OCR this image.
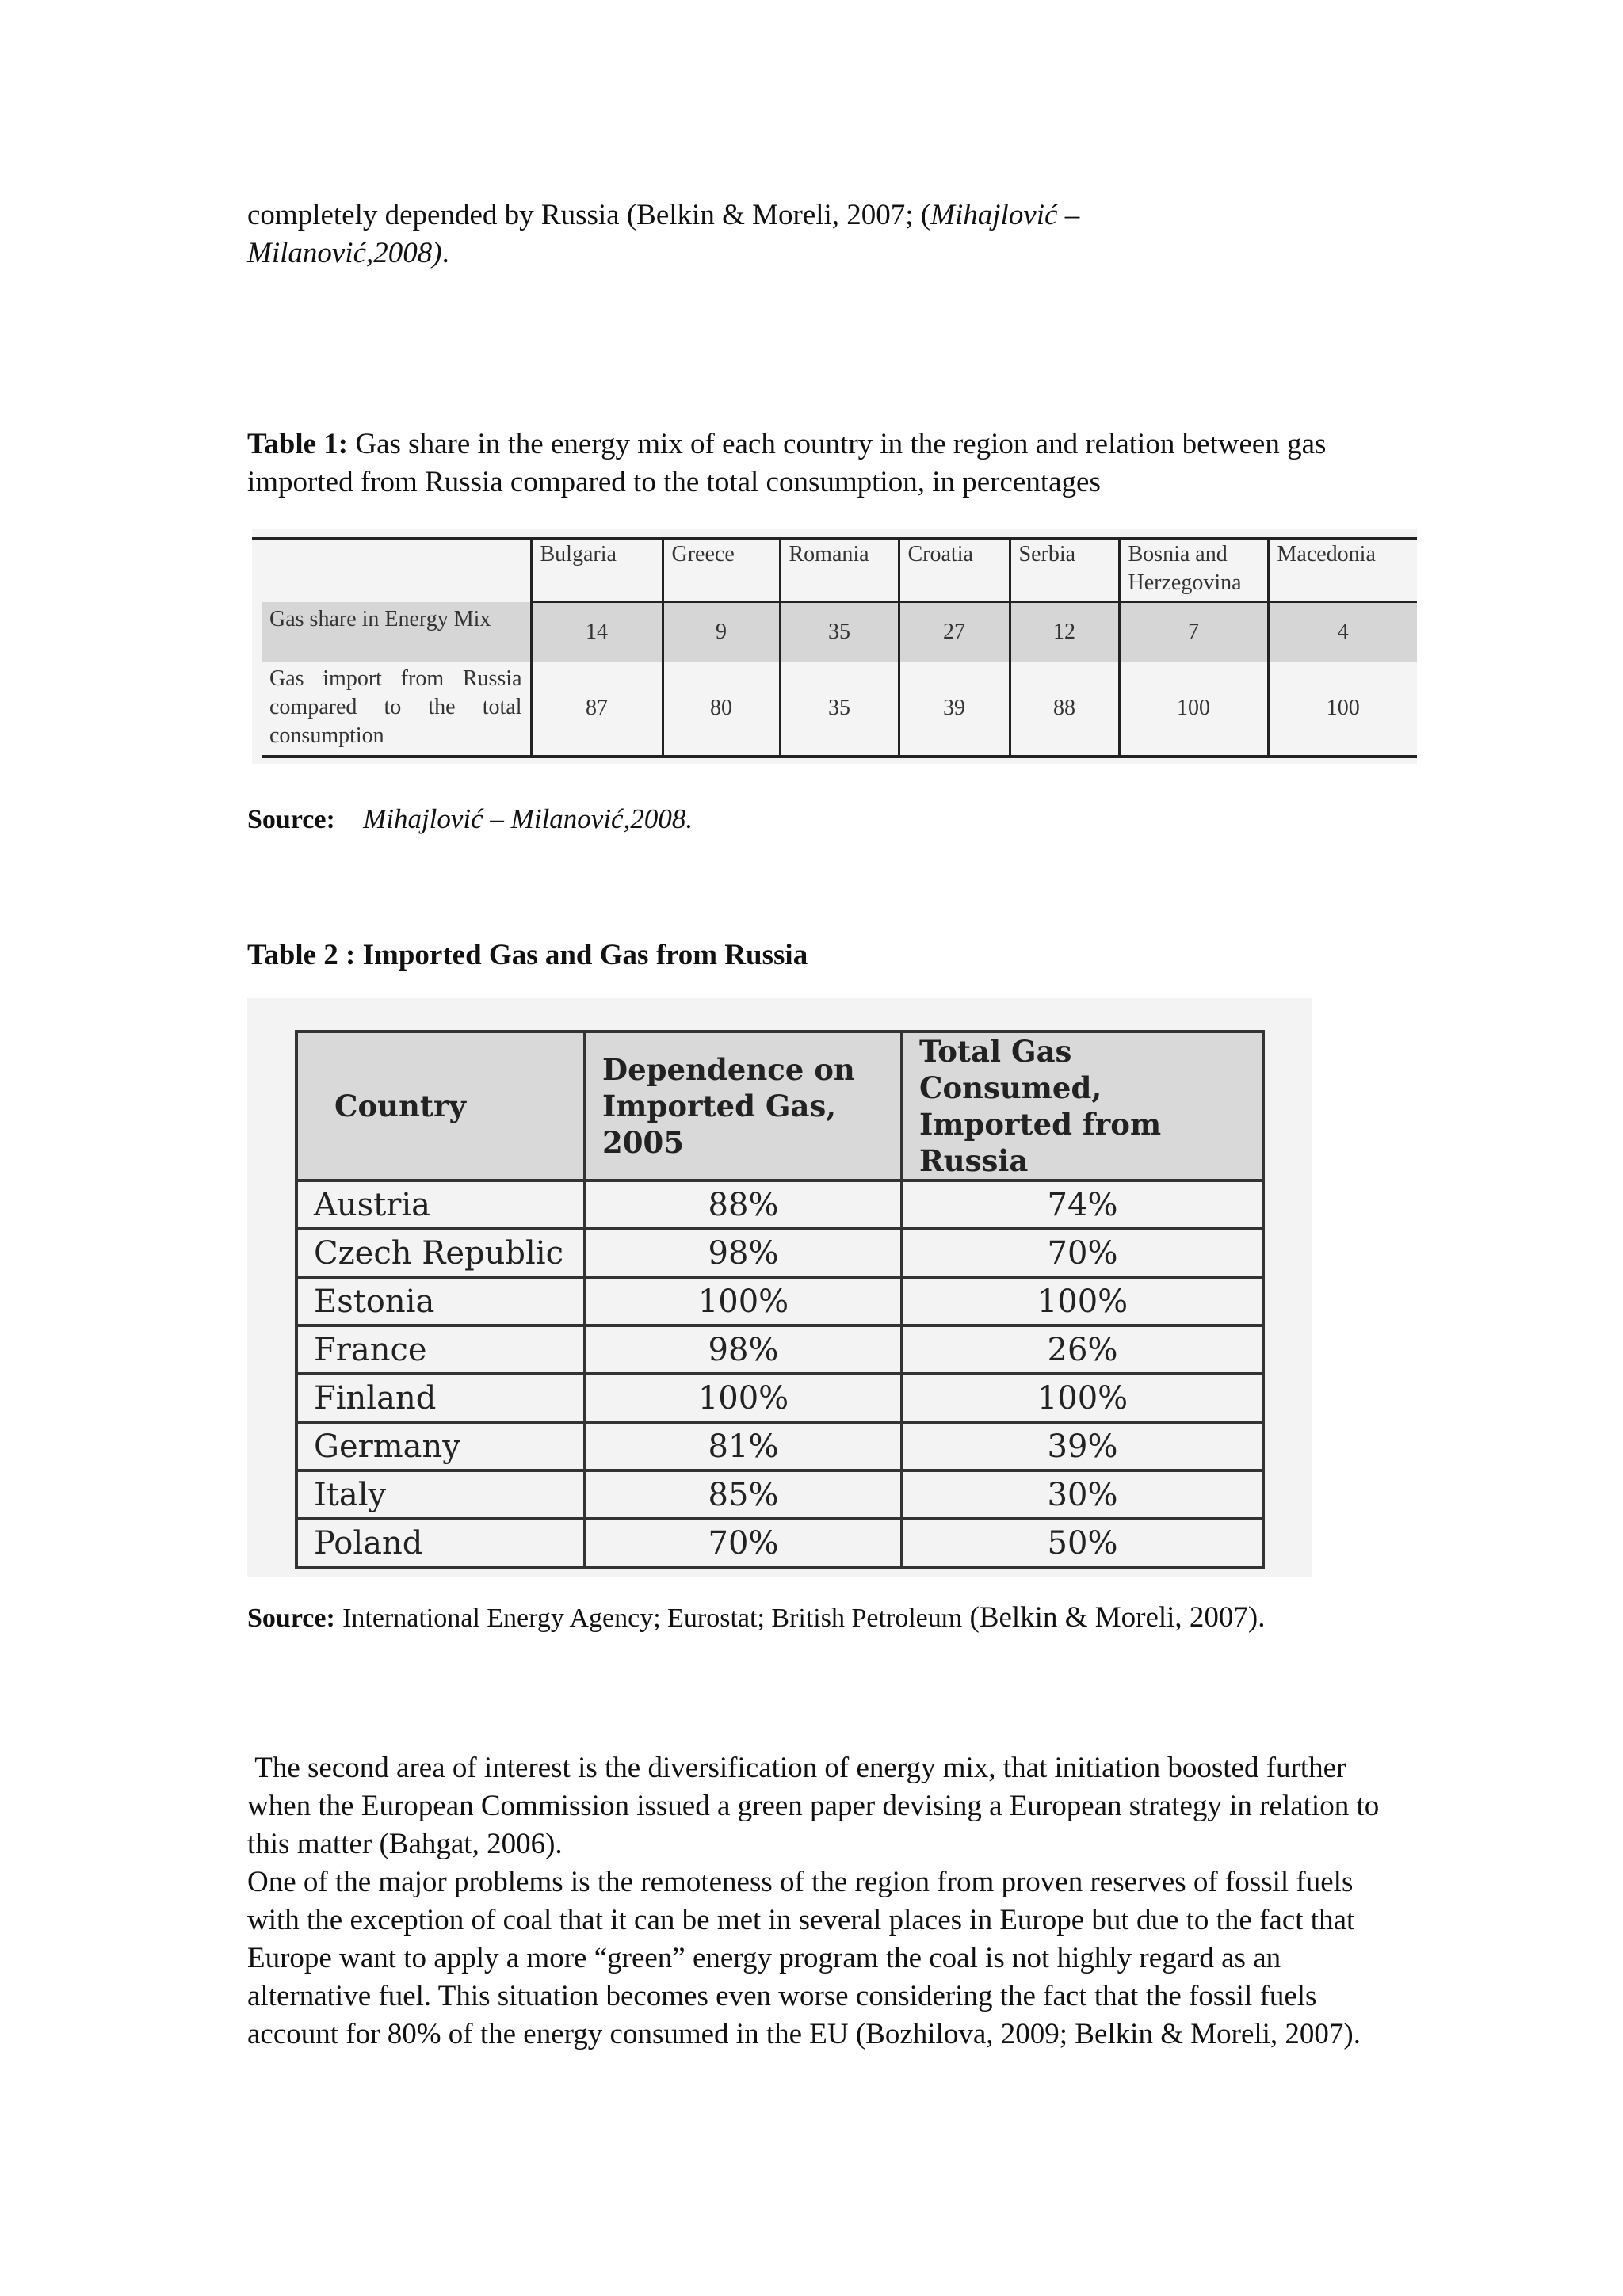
completely depended by Russia (Belkin & Moreli, 2007; (Mihajlović –
Milanović,2008).

Table 1: Gas share in the energy mix of each country in the region and relation between gas imported from Russia compared to the total consumption, in percentages

	Bulgaria	Greece	Romania	Croatia	Serbia	Bosnia and Herzegovina	Macedonia
Gas share in Energy Mix	14	9	35	27	12	7	4
Gas import from Russia compared to the total consumption	87	80	35	39	88	100	100
Source: Mihajlović – Milanović,2008.
Table 2 : Imported Gas and Gas from Russia
Country	Dependence on Imported Gas, 2005	Total Gas Consumed, Imported from Russia
Austria	88%	74%
Czech Republic	98%	70%
Estonia	100%	100%
France	98%	26%
Finland	100%	100%
Germany	81%	39%
Italy	85%	30%
Poland	70%	50%

Source: International Energy Agency; Eurostat; British Petroleum (Belkin & Moreli, 2007).

The second area of interest is the diversification of energy mix, that initiation boosted further when the European Commission issued a green paper devising a European strategy in relation to this matter (Bahgat, 2006).

One of the major problems is the remoteness of the region from proven reserves of fossil fuels with the exception of coal that it can be met in several places in Europe but due to the fact that Europe want to apply a more “green” energy program the coal is not highly regard as an alternative fuel. This situation becomes even worse considering the fact that the fossil fuels account for 80% of the energy consumed in the EU (Bozhilova, 2009; Belkin & Moreli, 2007).
